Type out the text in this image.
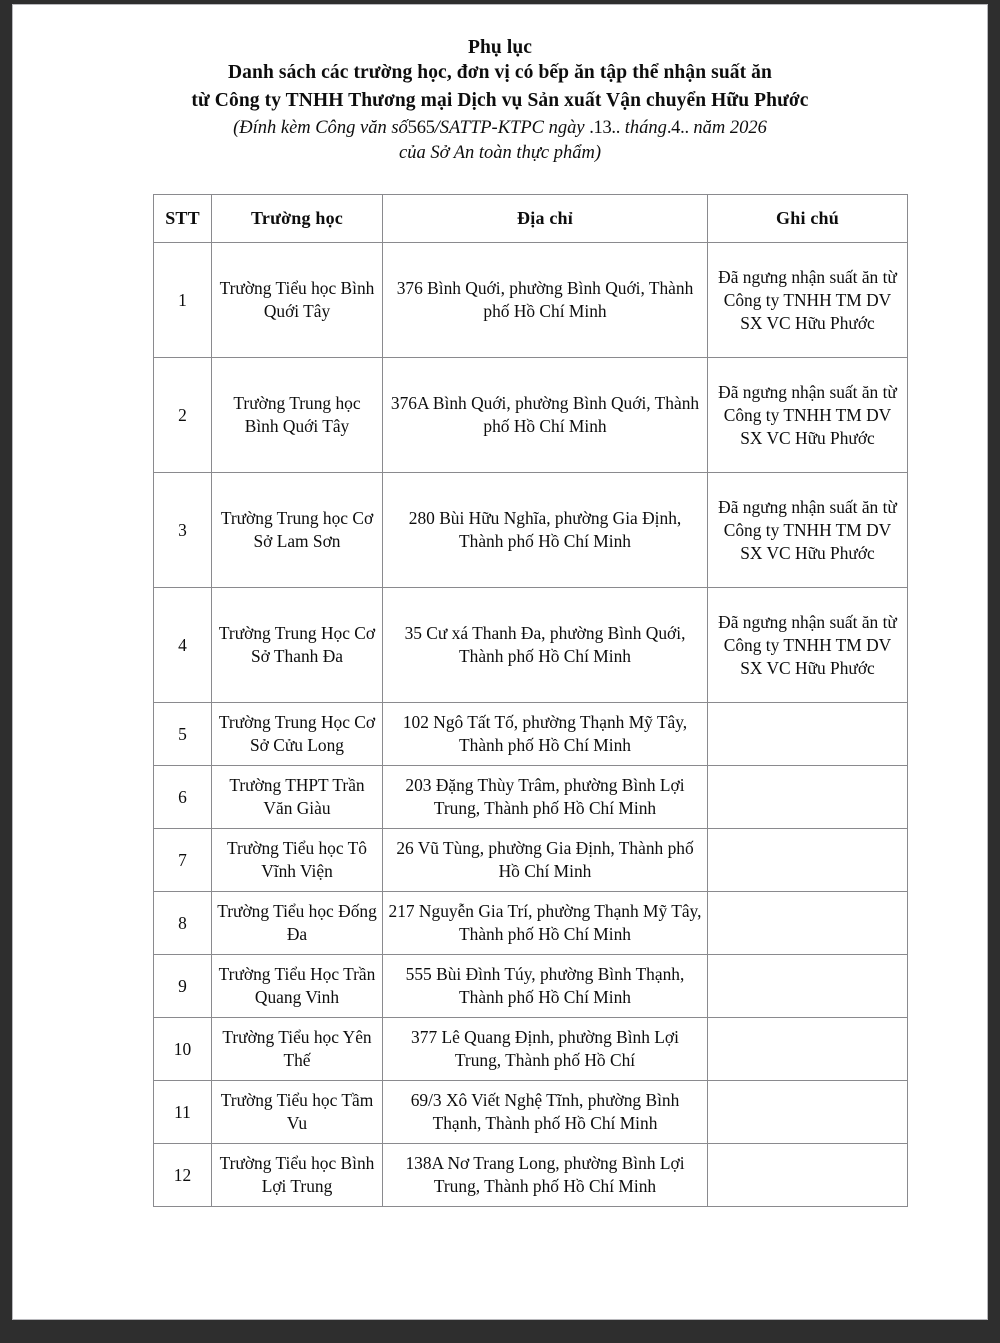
Phụ lục
Danh sách các trường học, đơn vị có bếp ăn tập thể nhận suất ăn
từ Công ty TNHH Thương mại Dịch vụ Sản xuất Vận chuyển Hữu Phước
(Đính kèm Công văn số565/SATTP-KTPC ngày .13.. tháng.4.. năm 2026
của Sở An toàn thực phẩm)
STT	Trường học	Địa chỉ	Ghi chú
1	Trường Tiểu học Bình Quới Tây	376 Bình Quới, phường Bình Quới, Thành phố Hồ Chí Minh	Đã ngưng nhận suất ăn từ Công ty TNHH TM DV SX VC Hữu Phước
2	Trường Trung học Bình Quới Tây	376A Bình Quới, phường Bình Quới, Thành phố Hồ Chí Minh	Đã ngưng nhận suất ăn từ Công ty TNHH TM DV SX VC Hữu Phước
3	Trường Trung học Cơ Sở Lam Sơn	280 Bùi Hữu Nghĩa, phường Gia Định, Thành phố Hồ Chí Minh	Đã ngưng nhận suất ăn từ Công ty TNHH TM DV SX VC Hữu Phước
4	Trường Trung Học Cơ Sở Thanh Đa	35 Cư xá Thanh Đa, phường Bình Quới, Thành phố Hồ Chí Minh	Đã ngưng nhận suất ăn từ Công ty TNHH TM DV SX VC Hữu Phước
5	Trường Trung Học Cơ Sở Cửu Long	102 Ngô Tất Tố, phường Thạnh Mỹ Tây, Thành phố Hồ Chí Minh	
6	Trường THPT Trần Văn Giàu	203 Đặng Thùy Trâm, phường Bình Lợi Trung, Thành phố Hồ Chí Minh	
7	Trường Tiểu học Tô Vĩnh Viện	26 Vũ Tùng, phường Gia Định, Thành phố Hồ Chí Minh	
8	Trường Tiểu học Đống Đa	217 Nguyễn Gia Trí, phường Thạnh Mỹ Tây, Thành phố Hồ Chí Minh	
9	Trường Tiểu Học Trần Quang Vinh	555 Bùi Đình Túy, phường Bình Thạnh, Thành phố Hồ Chí Minh	
10	Trường Tiểu học Yên Thế	377 Lê Quang Định, phường Bình Lợi Trung, Thành phố Hồ Chí	
11	Trường Tiểu học Tầm Vu	69/3 Xô Viết Nghệ Tĩnh, phường Bình Thạnh, Thành phố Hồ Chí Minh	
12	Trường Tiểu học Bình Lợi Trung	138A Nơ Trang Long, phường Bình Lợi Trung, Thành phố Hồ Chí Minh	
